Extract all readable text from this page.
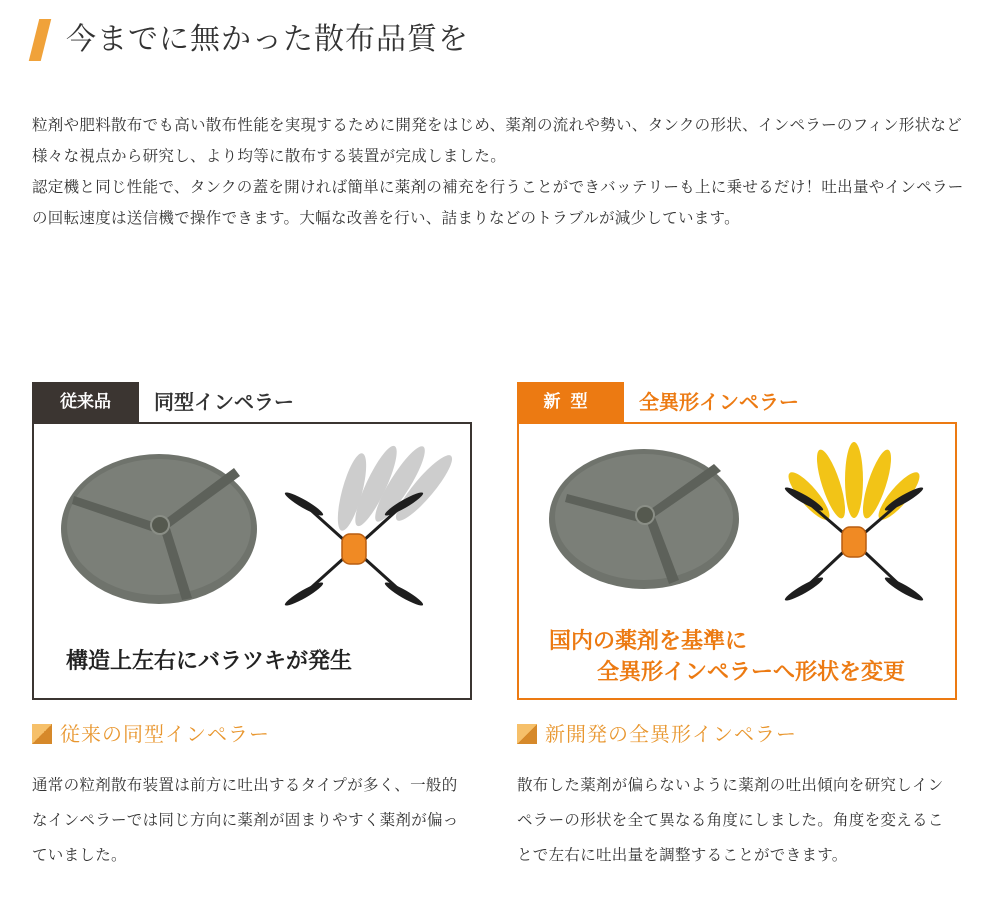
今までに無かった散布品質を

粒剤や肥料散布でも高い散布性能を実現するために開発をはじめ、薬剤の流れや勢い、タンクの形状、インペラーのフィン形状など様々な視点から研究し、より均等に散布する装置が完成しました。

認定機と同じ性能で、タンクの蓋を開ければ簡単に薬剤の補充を行うことができバッテリーも上に乗せるだけ！吐出量やインペラーの回転速度は送信機で操作できます。大幅な改善を行い、詰まりなどのトラブルが減少しています。

従来品	同型インペラー
構造上左右にバラツキが発生
従来の同型インペラー

通常の粒剤散布装置は前方に吐出するタイプが多く、一般的なインペラーでは同じ方向に薬剤が固まりやすく薬剤が偏っていました。

新型	全異形インペラー
国内の薬剤を基準に
全異形インペラーへ形状を変更
新開発の全異形インペラー

散布した薬剤が偏らないように薬剤の吐出傾向を研究しインペラーの形状を全て異なる角度にしました。角度を変えることで左右に吐出量を調整することができます。
